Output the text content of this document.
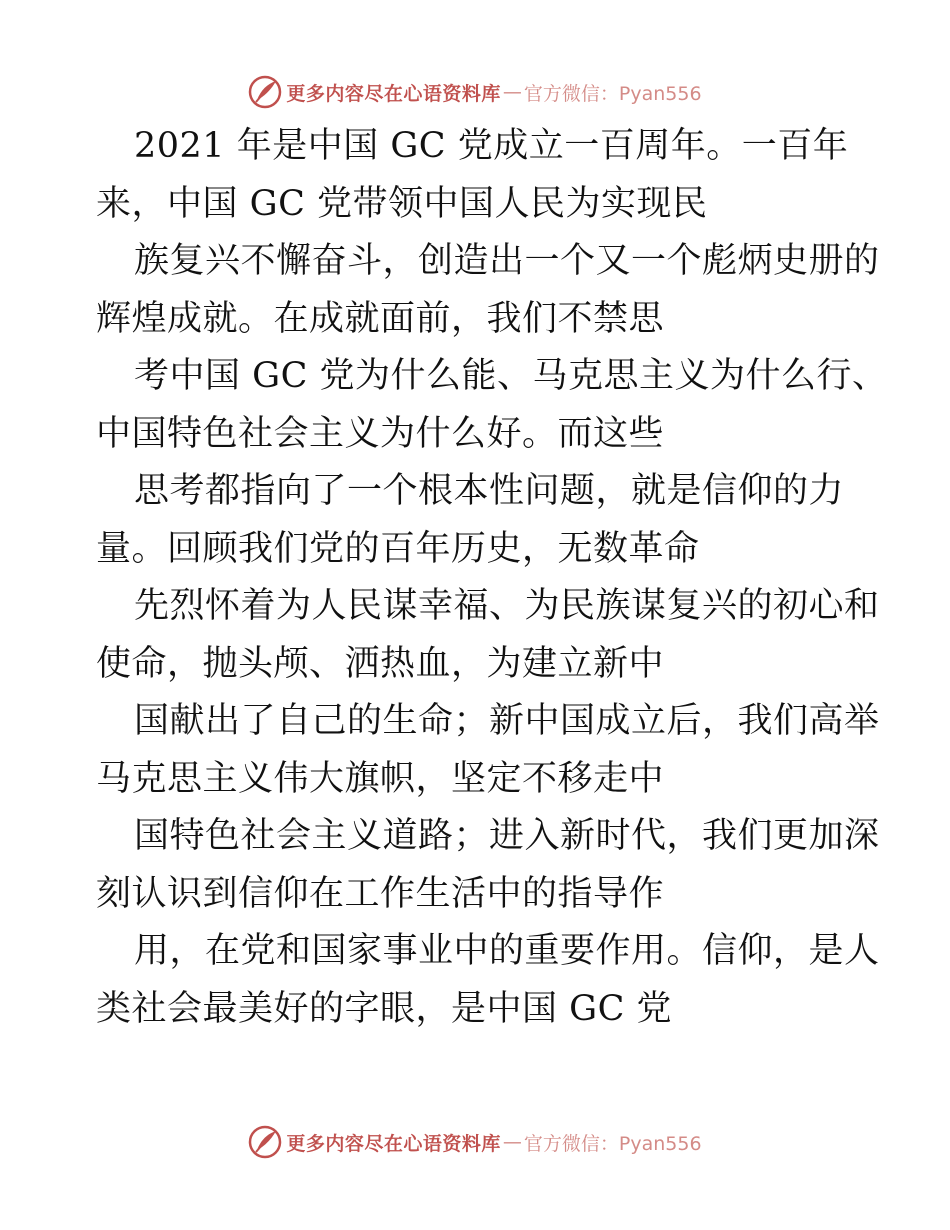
更多内容尽在心语资料库 — 官方微信：Pyan556
2021 年是中国 GC 党成立一百周年。一百年
来，中国 GC 党带领中国人民为实现民
族复兴不懈奋斗，创造出一个又一个彪炳史册的
辉煌成就。在成就面前，我们不禁思
考中国 GC 党为什么能、马克思主义为什么行、
中国特色社会主义为什么好。而这些
思考都指向了一个根本性问题，就是信仰的力
量。回顾我们党的百年历史，无数革命
先烈怀着为人民谋幸福、为民族谋复兴的初心和
使命，抛头颅、洒热血，为建立新中
国献出了自己的生命；新中国成立后，我们高举
马克思主义伟大旗帜，坚定不移走中
国特色社会主义道路；进入新时代，我们更加深
刻认识到信仰在工作生活中的指导作
用，在党和国家事业中的重要作用。信仰，是人
类社会最美好的字眼，是中国 GC 党
更多内容尽在心语资料库 — 官方微信：Pyan556
